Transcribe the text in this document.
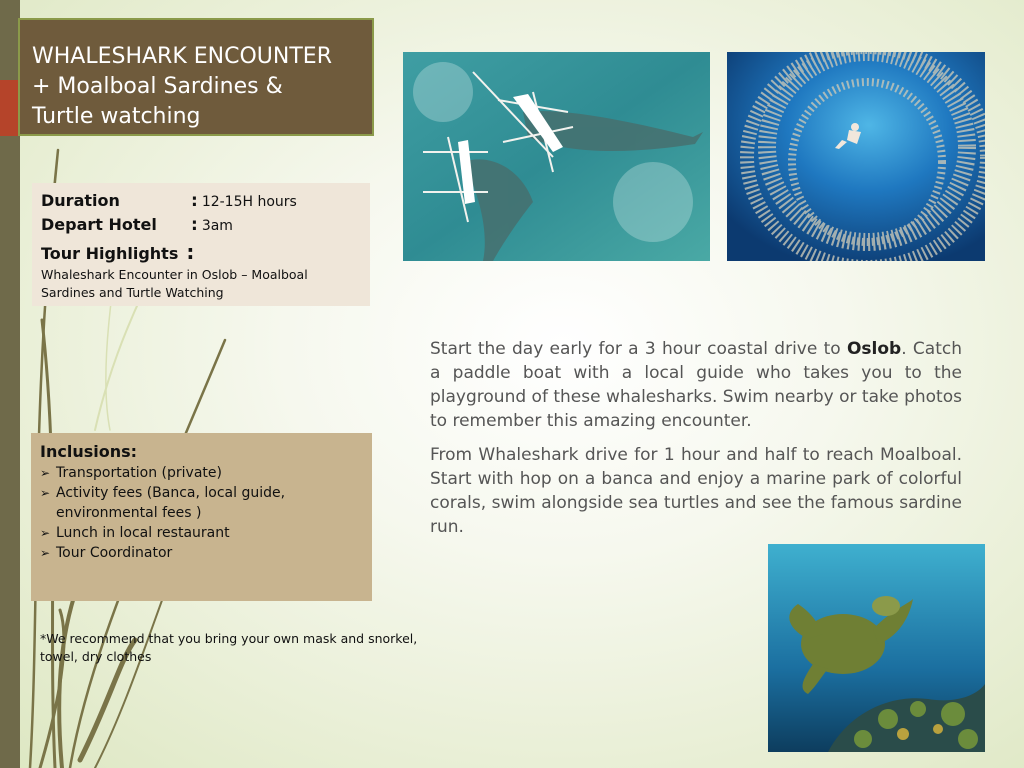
WHALESHARK ENCOUNTER
+ Moalboal Sardines &
Turtle watching
Duration	: 12-15H hours
Depart Hotel	: 3am
Tour Highlights :
Whaleshark Encounter in Oslob – Moalboal Sardines and Turtle Watching
Inclusions:
➢ Transportation (private)
➢ Activity fees (Banca, local guide, environmental fees )
➢ Lunch in local restaurant
➢ Tour Coordinator
*We recommend that you bring your own mask and snorkel, towel, dry clothes

Start the day early for a 3 hour coastal drive to Oslob. Catch a paddle boat with a local guide who takes you to the playground of these whalesharks. Swim nearby or take photos to remember this amazing encounter.

From Whaleshark drive for 1 hour and half to reach Moalboal. Start with hop on a banca and enjoy a marine park of colorful corals, swim alongside sea turtles and see the famous sardine run.
